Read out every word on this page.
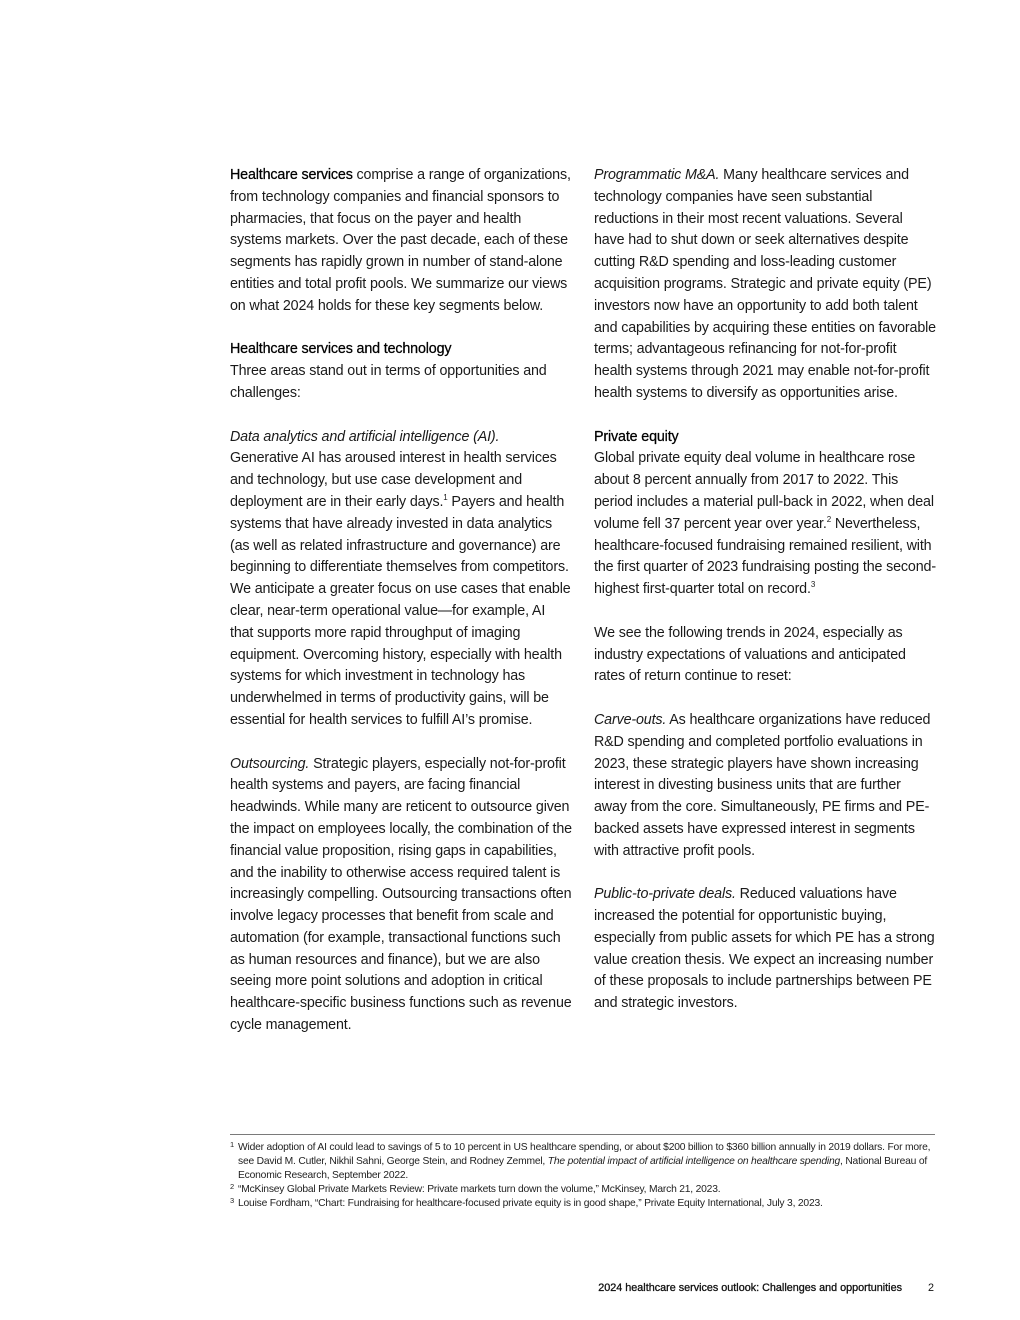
Healthcare services comprise a range of organizations, from technology companies and financial sponsors to pharmacies, that focus on the payer and health systems markets. Over the past decade, each of these segments has rapidly grown in number of stand-alone entities and total profit pools. We summarize our views on what 2024 holds for these key segments below.

Healthcare services and technology

Three areas stand out in terms of opportunities and challenges:

Data analytics and artificial intelligence (AI).
Generative AI has aroused interest in health services and technology, but use case development and deployment are in their early days.$^1$ Payers and health systems that have already invested in data analytics (as well as related infrastructure and governance) are beginning to differentiate themselves from competitors. We anticipate a greater focus on use cases that enable clear, near-term operational value—for example, AI that supports more rapid throughput of imaging equipment. Overcoming history, especially with health systems for which investment in technology has underwhelmed in terms of productivity gains, will be essential for health services to fulfill AI’s promise.

Outsourcing. Strategic players, especially not-for-profit health systems and payers, are facing financial headwinds. While many are reticent to outsource given the impact on employees locally, the combination of the financial value proposition, rising gaps in capabilities, and the inability to otherwise access required talent is increasingly compelling. Outsourcing transactions often involve legacy processes that benefit from scale and automation (for example, transactional functions such as human resources and finance), but we are also seeing more point solutions and adoption in critical healthcare-specific business functions such as revenue cycle management.

Programmatic M&A. Many healthcare services and technology companies have seen substantial reductions in their most recent valuations. Several have had to shut down or seek alternatives despite cutting R&D spending and loss-leading customer acquisition programs. Strategic and private equity (PE) investors now have an opportunity to add both talent and capabilities by acquiring these entities on favorable terms; advantageous refinancing for not-for-profit health systems through 2021 may enable not-for-profit health systems to diversify as opportunities arise.

Private equity

Global private equity deal volume in healthcare rose about 8 percent annually from 2017 to 2022. This period includes a material pull-back in 2022, when deal volume fell 37 percent year over year.$^2$ Nevertheless, healthcare-focused fundraising remained resilient, with the first quarter of 2023 fundraising posting the second-highest first-quarter total on record.$^3$

We see the following trends in 2024, especially as industry expectations of valuations and anticipated rates of return continue to reset:

Carve-outs. As healthcare organizations have reduced R&D spending and completed portfolio evaluations in 2023, these strategic players have shown increasing interest in divesting business units that are further away from the core. Simultaneously, PE firms and PE-backed assets have expressed interest in segments with attractive profit pools.

Public-to-private deals. Reduced valuations have increased the potential for opportunistic buying, especially from public assets for which PE has a strong value creation thesis. We expect an increasing number of these proposals to include partnerships between PE and strategic investors.

1 Wider adoption of AI could lead to savings of 5 to 10 percent in US healthcare spending, or about $200 billion to $360 billion annually in 2019 dollars. For more, see David M. Cutler, Nikhil Sahni, George Stein, and Rodney Zemmel, The potential impact of artificial intelligence on healthcare spending, National Bureau of Economic Research, September 2022.
2 “McKinsey Global Private Markets Review: Private markets turn down the volume,” McKinsey, March 21, 2023.
3 Louise Fordham, “Chart: Fundraising for healthcare-focused private equity is in good shape,” Private Equity International, July 3, 2023.
2024 healthcare services outlook: Challenges and opportunities 2
